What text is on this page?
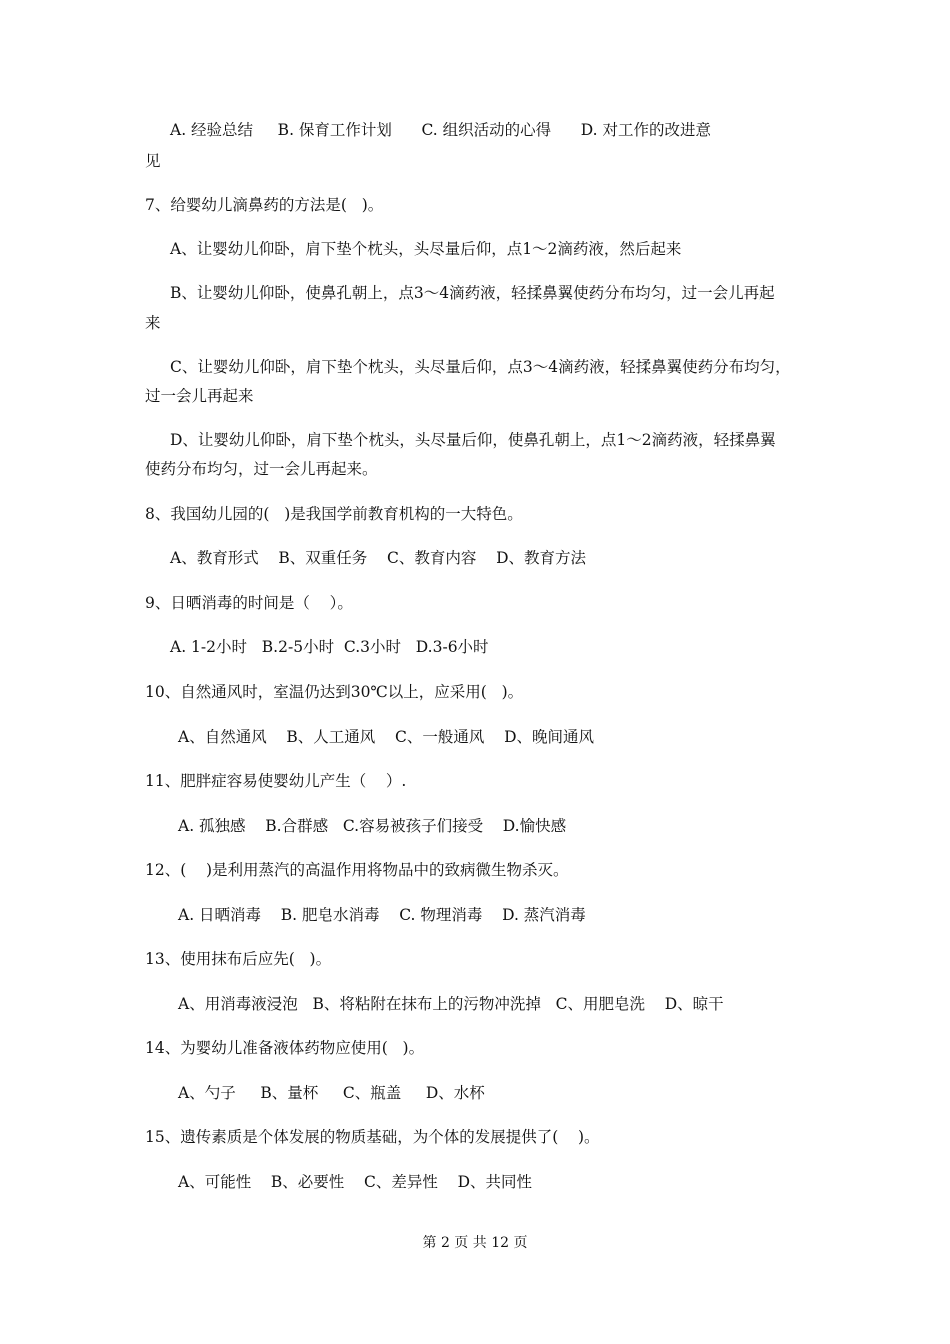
A. 经验总结     B. 保育工作计划      C. 组织活动的心得      D. 对工作的改进意
见
7、给婴幼儿滴鼻药的方法是(   )。
A、让婴幼儿仰卧，肩下垫个枕头，头尽量后仰，点1～2滴药液，然后起来
B、让婴幼儿仰卧，使鼻孔朝上，点3～4滴药液，轻揉鼻翼使药分布均匀，过一会儿再起
来
C、让婴幼儿仰卧，肩下垫个枕头，头尽量后仰，点3～4滴药液，轻揉鼻翼使药分布均匀，
过一会儿再起来
D、让婴幼儿仰卧，肩下垫个枕头，头尽量后仰，使鼻孔朝上，点1～2滴药液，轻揉鼻翼
使药分布均匀，过一会儿再起来。
8、我国幼儿园的(   )是我国学前教育机构的一大特色。
A、教育形式    B、双重任务    C、教育内容    D、教育方法
9、日晒消毒的时间是（    ）。
A. 1-2小时   B.2-5小时  C.3小时   D.3-6小时
10、自然通风时，室温仍达到30℃以上，应采用(   )。
A、自然通风    B、人工通风    C、一般通风    D、晚间通风
11、肥胖症容易使婴幼儿产生（    ）.
A. 孤独感    B.合群感   C.容易被孩子们接受    D.愉快感
12、(    )是利用蒸汽的高温作用将物品中的致病微生物杀灭。
A. 日晒消毒    B. 肥皂水消毒    C. 物理消毒    D. 蒸汽消毒
13、使用抹布后应先(   )。
A、用消毒液浸泡   B、将粘附在抹布上的污物冲洗掉   C、用肥皂洗    D、晾干
14、为婴幼儿准备液体药物应使用(   )。
A、勺子     B、量杯     C、瓶盖     D、水杯
15、遗传素质是个体发展的物质基础，为个体的发展提供了(    )。
A、可能性    B、必要性    C、差异性    D、共同性
第 2 页 共 12 页
